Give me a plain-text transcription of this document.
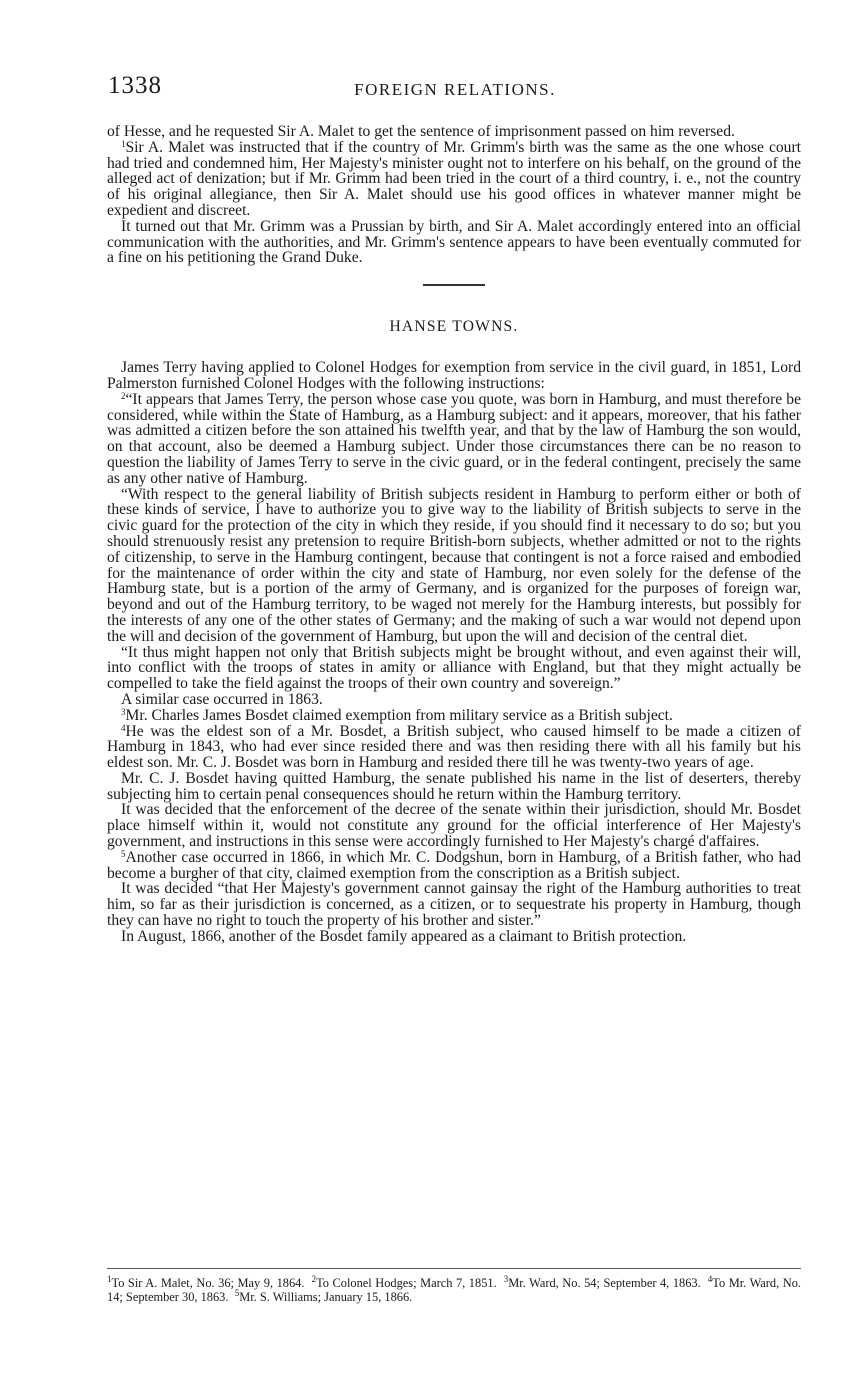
1338	FOREIGN RELATIONS.

of Hesse, and he requested Sir A. Malet to get the sentence of imprisonment passed on him reversed.

$^1$Sir A. Malet was instructed that if the country of Mr. Grimm's birth was the same as the one whose court had tried and condemned him, Her Majesty's minister ought not to interfere on his behalf, on the ground of the alleged act of denization; but if Mr. Grimm had been tried in the court of a third country, i. e., not the country of his original allegiance, then Sir A. Malet should use his good offices in whatever manner might be expedient and discreet.

It turned out that Mr. Grimm was a Prussian by birth, and Sir A. Malet accordingly entered into an official communication with the authorities, and Mr. Grimm's sentence appears to have been eventually commuted for a fine on his petitioning the Grand Duke.

HANSE TOWNS.

James Terry having applied to Colonel Hodges for exemption from service in the civil guard, in 1851, Lord Palmerston furnished Colonel Hodges with the following instructions:

$^2$“It appears that James Terry, the person whose case you quote, was born in Hamburg, and must therefore be considered, while within the State of Hamburg, as a Hamburg subject: and it appears, moreover, that his father was admitted a citizen before the son attained his twelfth year, and that by the law of Hamburg the son would, on that account, also be deemed a Hamburg subject. Under those circumstances there can be no reason to question the liability of James Terry to serve in the civic guard, or in the federal contingent, precisely the same as any other native of Hamburg.

“With respect to the general liability of British subjects resident in Hamburg to perform either or both of these kinds of service, I have to authorize you to give way to the liability of British subjects to serve in the civic guard for the protection of the city in which they reside, if you should find it necessary to do so; but you should strenuously resist any pretension to require British-born subjects, whether admitted or not to the rights of citizenship, to serve in the Hamburg contingent, because that contingent is not a force raised and embodied for the maintenance of order within the city and state of Hamburg, nor even solely for the defense of the Hamburg state, but is a portion of the army of Germany, and is organized for the purposes of foreign war, beyond and out of the Hamburg territory, to be waged not merely for the Hamburg interests, but possibly for the interests of any one of the other states of Germany; and the making of such a war would not depend upon the will and decision of the government of Hamburg, but upon the will and decision of the central diet.

“It thus might happen not only that British subjects might be brought without, and even against their will, into conflict with the troops of states in amity or alliance with England, but that they might actually be compelled to take the field against the troops of their own country and sovereign.”

A similar case occurred in 1863.

$^3$Mr. Charles James Bosdet claimed exemption from military service as a British subject.

$^4$He was the eldest son of a Mr. Bosdet, a British subject, who caused himself to be made a citizen of Hamburg in 1843, who had ever since resided there and was then residing there with all his family but his eldest son. Mr. C. J. Bosdet was born in Hamburg and resided there till he was twenty-two years of age.

Mr. C. J. Bosdet having quitted Hamburg, the senate published his name in the list of deserters, thereby subjecting him to certain penal consequences should he return within the Hamburg territory.

It was decided that the enforcement of the decree of the senate within their jurisdiction, should Mr. Bosdet place himself within it, would not constitute any ground for the official interference of Her Majesty's government, and instructions in this sense were accordingly furnished to Her Majesty's chargé d'affaires.

$^5$Another case occurred in 1866, in which Mr. C. Dodgshun, born in Hamburg, of a British father, who had become a burgher of that city, claimed exemption from the conscription as a British subject.

It was decided “that Her Majesty's government cannot gainsay the right of the Hamburg authorities to treat him, so far as their jurisdiction is concerned, as a citizen, or to sequestrate his property in Hamburg, though they can have no right to touch the property of his brother and sister.”

In August, 1866, another of the Bosdet family appeared as a claimant to British protection.

$^1$To Sir A. Malet, No. 36; May 9, 1864. $^2$To Colonel Hodges; March 7, 1851. $^3$Mr. Ward, No. 54; September 4, 1863. $^4$To Mr. Ward, No. 14; September 30, 1863. $^5$Mr. S. Williams; January 15, 1866.
